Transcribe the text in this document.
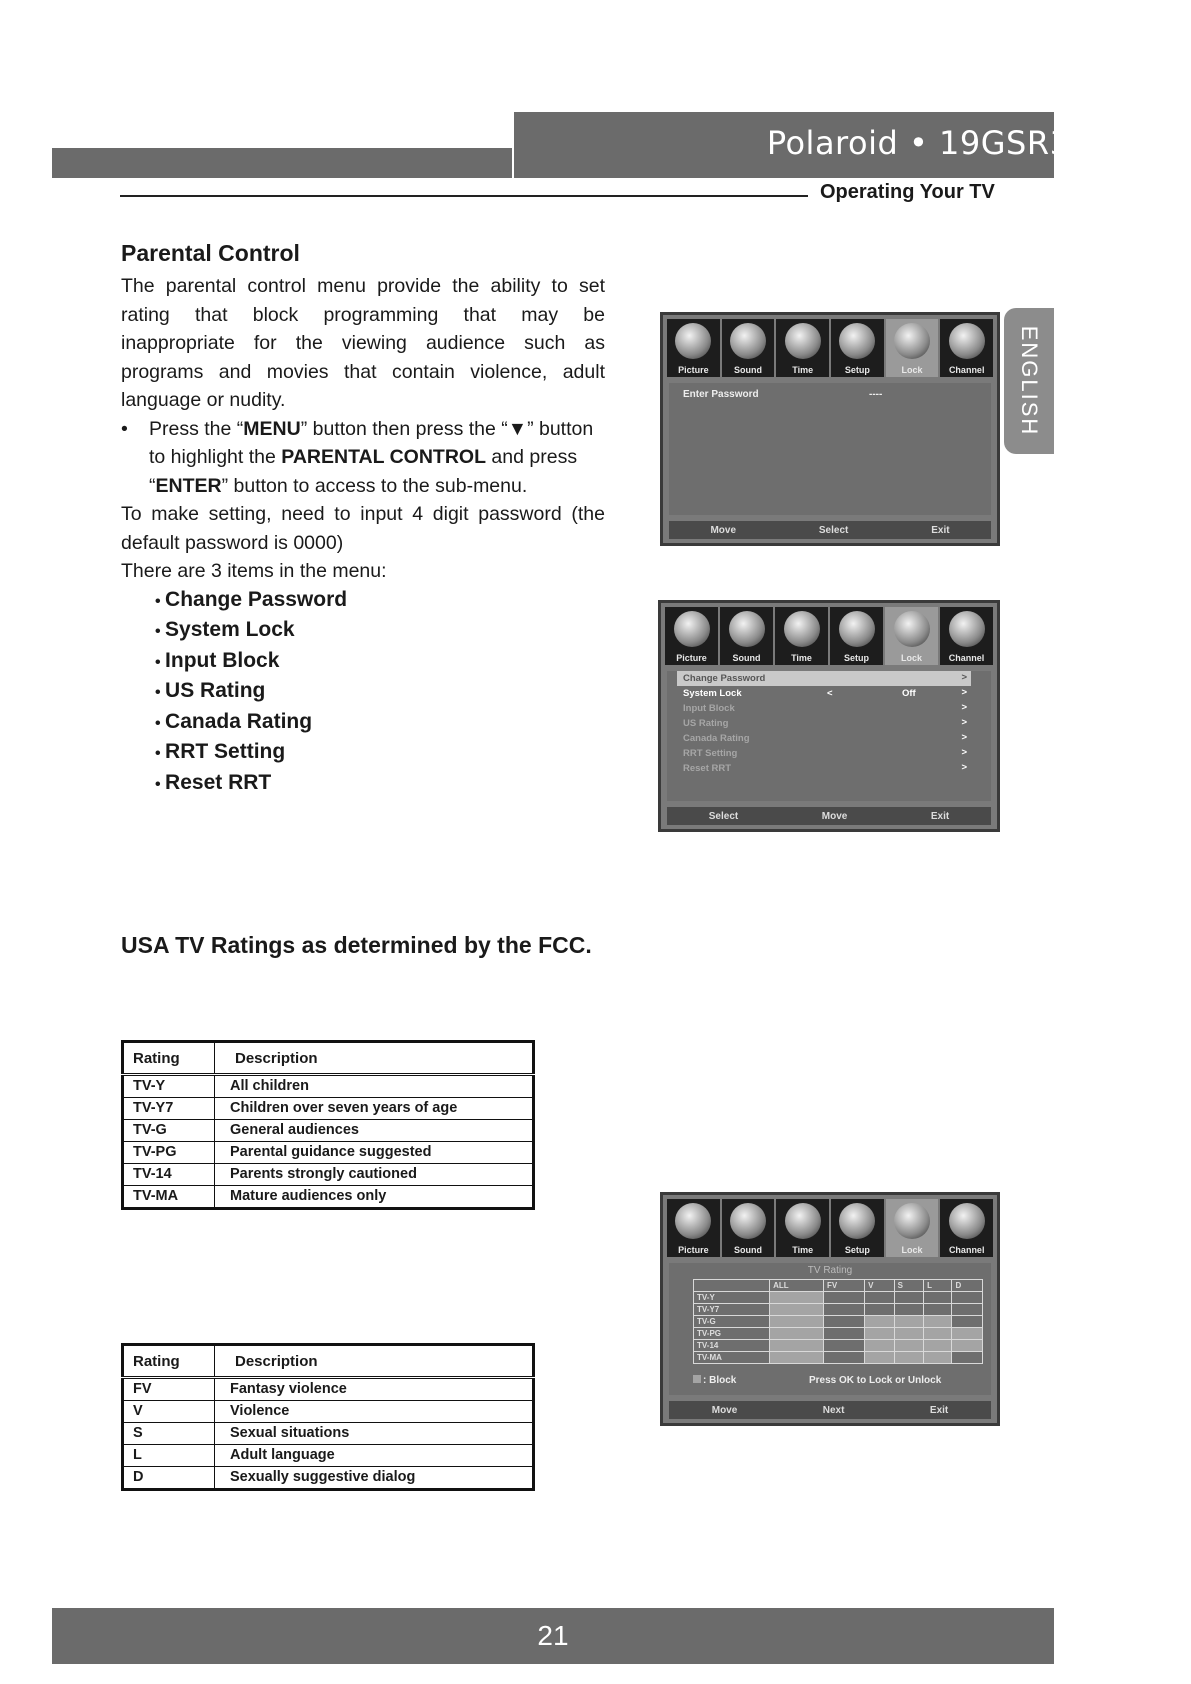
Polaroid • 19GSR3000
Operating Your TV
ENGLISH
Parental Control

The parental control menu provide the ability to set rating that block programming that may be inappropriate for the viewing audience such as programs and movies that contain violence, adult language or nudity.

• Press the “MENU” button then press the “▼” button to highlight the PARENTAL CONTROL and press “ENTER” button to access to the sub-menu.

To make setting, need to input 4 digit password (the default password is 0000)

There are 3 items in the menu:

• Change Password
• System Lock
• Input Block
• US Rating
• Canada Rating
• RRT Setting
• Reset RRT
Picture	Sound	Time	Setup	Lock	Channel
Enter Password	----
Move	Select	Exit
Picture	Sound	Time	Setup	Lock	Channel
Change Password	>
System Lock	<	Off	>
Input Block	>
US Rating	>
Canada Rating	>
RRT Setting	>
Reset RRT	>
Select	Move	Exit
USA TV Ratings as determined by the FCC.
Rating	Description
TV-Y	All children
TV-Y7	Children over seven years of age
TV-G	General audiences
TV-PG	Parental guidance suggested
TV-14	Parents strongly cautioned
TV-MA	Mature audiences only
Picture	Sound	Time	Setup	Lock	Channel
TV Rating
	ALL	FV	V	S	L	D
TV-Y						
TV-Y7						
TV-G						
TV-PG						
TV-14						
TV-MA						
: Block	Press OK to Lock or Unlock
Move	Next	Exit
Rating	Description
FV	Fantasy violence
V	Violence
S	Sexual situations
L	Adult language
D	Sexually suggestive dialog
21
